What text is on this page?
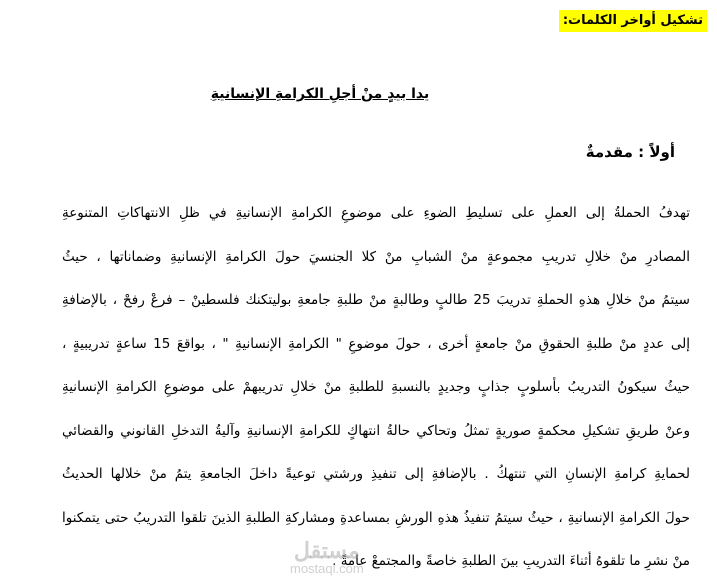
تشكيل أواخر الكلمات:
يدا بيدٍ منْ أجلِ الكرامةِ الإنسانيةِ
أولاً : مقدمةٌ
تهدفُ الحملةُ إلى العملِ على تسليطِ الضوءِ على موضوعِ الكرامةِ الإنسانيةِ في ظلِ الانتهاكاتِ المتنوعةِ
المصادرِ منْ خلالِ تدريبِ مجموعةٍ منْ الشبابِ منْ كلا الجنسيَ حولَ الكرامةِ الإنسانيةِ وضماناتها ، حيثُ
سيتمُ منْ خلالِ هذهِ الحملةِ تدريبَ 25 طالبٍ وطالبةٍ منْ طلبةِ جامعةِ بوليتكنك فلسطينْ – فرعْ رفحْ ، بالإضافةِ
إلى عددٍ منْ طلبةِ الحقوقِ منْ جامعةٍ أخرى ، حولَ موضوعِ " الكرامةِ الإنسانيةِ " ، بواقعَ 15 ساعةٍ تدريبيةٍ ،
حيثُ سيكونُ التدريبُ بأسلوبٍ جذابٍ وجديدٍ بالنسبةِ للطلبةِ منْ خلالِ تدريبهمْ على موضوعِ الكرامةِ الإنسانيةِ
وعنْ طريقِ تشكيلِ محكمةٍ صوريةٍ تمثلُ وتحاكي حالةُ انتهاكٍ للكرامةِ الإنسانيةِ وآليةُ التدخلِ القانوني والقضائي
لحمايةِ كرامةِ الإنسانِ التي تنتهكُ . بالإضافةِ إلى تنفيذِ ورشتي توعيةً داخلَ الجامعةِ يتمُ منْ خلالها الحديثُ
حولَ الكرامةِ الإنسانيةِ ، حيثُ سيتمُ تنفيذُ هذهِ الورشِ بمساعدةِ ومشاركةِ الطلبةِ الذينَ تلقوا التدريبُ حتى يتمكنوا
منْ نشرِ ما تلقوهُ أثناءَ التدريبِ بينَ الطلبةِ خاصةً والمجتمعْ عامةً .
مستقل
mostaql.com
